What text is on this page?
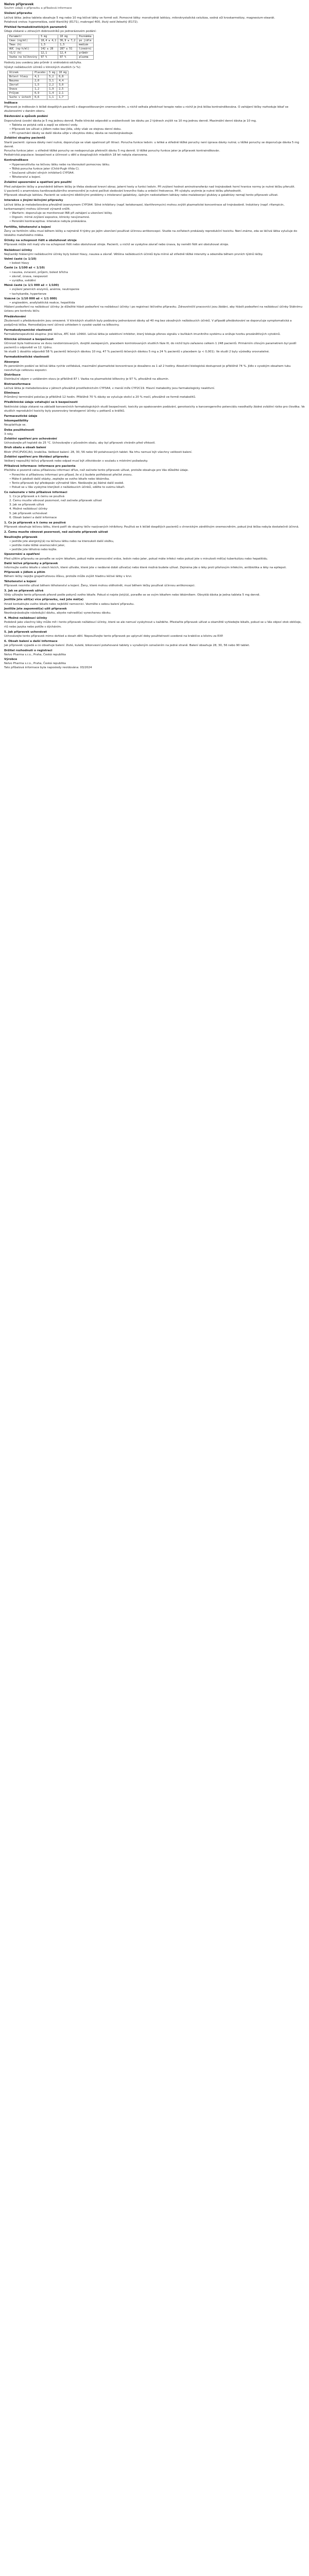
Nelvo přípravek
Souhrn údajů o přípravku a příbalová informace
Složení přípravku
Léčivá látka: jedna tableta obsahuje 5 mg nebo 10 mg léčivé látky ve formě soli. Pomocné látky: monohydrát laktózy, mikrokrystalická celulóza, sodná sůl kroskarmelózy, magnesium-stearát.
Potahová vrstva: hypromelóza, oxid titaničitý (E171), makrogol 400, žlutý oxid železitý (E172).
Přehled farmakokinetických parametrů
Údaje získané u zdravých dobrovolníků po jednorázovém podání:
Parametr	5 mg	10 mg	Poznámka
Cmax (ng/ml)	18,4 ± 4,1	36,9 ± 7,2	po jídle
Tmax (h)	1,5	1,5	medián
AUC (ng·h/ml)	142 ± 28	287 ± 51	lineární
t1/2 (h)	12,1	12,4	průměr
Vazba na bílkoviny	97 %	97 %	plazma
Hodnoty jsou uvedeny jako průměr ± směrodatná odchylka.
Výskyt nežádoucích účinků v klinických studiích (v %):
Účinek	Placebo	5 mg	10 mg
Bolest hlavy	4,1	5,2	6,8
Nauzea	2,0	3,1	4,4
Závrať	1,5	2,2	3,0
Únava	1,2	1,9	2,5
Průjem	0,9	1,4	2,1
Sucho v ústech	0,6	1,1	1,7
Indikace
Přípravek je indikován k léčbě dospělých pacientů s diagnostikovaným onemocněním, u nichž selhala předchozí terapie nebo u nichž je jiná léčba kontraindikována. O zahájení léčby rozhoduje lékař se zkušenostmi v daném oboru.
Dávkování a způsob podání
Doporučená úvodní dávka je 5 mg jednou denně. Podle klinické odpovědi a snášenlivosti lze dávku po 2 týdnech zvýšit na 10 mg jednou denně. Maximální denní dávka je 10 mg.
• Tableta se polyká celá a zapíjí se sklenicí vody.
• Přípravek lze užívat s jídlem nebo bez jídla, vždy však ve stejnou denní dobu.
• Při vynechání dávky se další dávka užije v obvyklou dobu; dávka se nezdvojnásobuje.
Zvláštní skupiny pacientů
Starší pacienti: úprava dávky není nutná, doporučuje se však opatrnost při titraci. Porucha funkce ledvin: u lehké a středně těžké poruchy není úprava dávky nutná; u těžké poruchy se doporučuje dávka 5 mg denně.
Porucha funkce jater: u středně těžké poruchy se nedoporučuje překročit dávku 5 mg denně. U těžké poruchy funkce jater je přípravek kontraindikován.
Pediatrická populace: bezpečnost a účinnost u dětí a dospívajících mladších 18 let nebyla stanovena.
Kontraindikace
• Hypersenzitivita na léčivou látku nebo na kteroukoli pomocnou látku.
• Těžká porucha funkce jater (Child-Pugh třída C).
• Současné užívání silných inhibitorů CYP3A4.
• Těhotenství a kojení.
Zvláštní upozornění a opatření pro použití
Před zahájením léčby a pravidelně během léčby je třeba sledovat krevní obraz, jaterní testy a funkci ledvin. Při zvýšení hodnot aminotransferáz nad trojnásobek horní hranice normy je nutné léčbu přerušit.
U pacientů s anamnézou kardiovaskulárního onemocnění je nutné pečlivé sledování krevního tlaku a srdeční frekvence. Při výskytu arytmie je nutné léčbu přehodnotit.
Přípravek obsahuje laktózu. Pacienti se vzácnými dědičnými problémy s intolerancí galaktózy, úplným nedostatkem laktázy nebo malabsorpcí glukózy a galaktózy nemají tento přípravek užívat.
Interakce s jinými léčivými přípravky
Léčivá látka je metabolizována převážně izoenzymem CYP3A4. Silné inhibitory (např. ketokonazol, klarithromycin) mohou zvýšit plazmatické koncentrace až trojnásobně. Induktory (např. rifampicin, karbamazepin) mohou účinnost výrazně snížit.
• Warfarin: doporučuje se monitorovat INR při zahájení a ukončení léčby.
• Digoxin: mírné zvýšení expozice, klinicky nevýznamné.
• Perorální kontraceptiva: interakce nebyla prokázána.
Fertilita, těhotenství a kojení
Ženy ve fertilním věku musí během léčby a nejméně 4 týdny po jejím ukončení používat účinnou antikoncepci. Studie na zvířatech prokázaly reprodukční toxicitu. Není známo, zda se léčivá látka vylučuje do lidského mateřského mléka.
Účinky na schopnost řídit a obsluhovat stroje
Přípravek může mít malý vliv na schopnost řídit nebo obsluhovat stroje. Pacienti, u nichž se vyskytne závrať nebo únava, by neměli řídit ani obsluhovat stroje.
Nežádoucí účinky
Nejčastěji hlášenými nežádoucími účinky byly bolest hlavy, nauzea a závrať. Většina nežádoucích účinků byla mírné až středně těžké intenzity a odezněla během prvních týdnů léčby.
Velmi časté (≥ 1/10)
• bolest hlavy
Časté (≥ 1/100 až < 1/10)
• nauzea, zvracení, průjem, bolest břicha
• závrať, únava, nespavost
• vyrážka, svědění
Méně časté (≥ 1/1 000 až < 1/100)
• zvýšení jaterních enzymů, anémie, neutropenie
• tachykardie, hypertenze
Vzácné (≥ 1/10 000 až < 1/1 000)
• angioedém, anafylaktická reakce, hepatitida
Hlášení podezření na nežádoucí účinky: Je důležité hlásit podezření na nežádoucí účinky i po registraci léčivého přípravku. Zdravotničtí pracovníci jsou žádáni, aby hlásili podezření na nežádoucí účinky Státnímu ústavu pro kontrolu léčiv.
Předávkování
Zkušenosti s předávkováním jsou omezené. V klinických studiích byly podávány jednorázové dávky až 40 mg bez závažných nežádoucích účinků. V případě předávkování se doporučuje symptomatická a podpůrná léčba. Hemodialýza není účinná vzhledem k vysoké vazbě na bílkoviny.
Farmakodynamické vlastnosti
Farmakoterapeutická skupina: jiná léčiva, ATC kód: L04AX. Léčivá látka je selektivní inhibitor, který blokuje přenos signálu v buňkách imunitního systému a snižuje tvorbu prozánětlivých cytokinů.
Klinická účinnost a bezpečnost
Účinnost byla hodnocena ve dvou randomizovaných, dvojitě zaslepených, placebem kontrolovaných studiích fáze III, do nichž bylo zařazeno celkem 1 248 pacientů. Primárním cílovým parametrem byl podíl pacientů s odpovědí ve 12. týdnu.
Ve studii 1 dosáhlo odpovědi 58 % pacientů léčených dávkou 10 mg, 47 % pacientů léčených dávkou 5 mg a 24 % pacientů s placebem (p < 0,001). Ve studii 2 byly výsledky srovnatelné.
Farmakokinetické vlastnosti
Absorpce
Po perorálním podání se léčivá látka rychle vstřebává, maximální plazmatické koncentrace je dosaženo za 1 až 2 hodiny. Absolutní biologická dostupnost je přibližně 74 %. Jídlo s vysokým obsahem tuku neovlivňuje celkovou expozici.
Distribuce
Distribuční objem v ustáleném stavu je přibližně 87 l. Vazba na plazmatické bílkoviny je 97 %, převážně na albumin.
Biotransformace
Léčivá látka je metabolizována v játrech převážně prostřednictvím CYP3A4, v menší míře CYP2C19. Hlavní metabolity jsou farmakologicky neaktivní.
Eliminace
Průměrný terminální poločas je přibližně 12 hodin. Přibližně 70 % dávky se vylučuje stolicí a 20 % močí, převážně ve formě metabolitů.
Předklinické údaje vztahující se k bezpečnosti
Neklinické údaje získané na základě konvenčních farmakologických studií bezpečnosti, toxicity po opakovaném podávání, genotoxicity a kancerogenního potenciálu neodhalily žádné zvláštní riziko pro člověka. Ve studiích reprodukční toxicity byly pozorovány teratogenní účinky u potkanů a králíků.
Farmaceutické údaje
Inkompatibility
Neuplatňuje se.
Doba použitelnosti
3 roky.
Zvláštní opatření pro uchovávání
Uchovávejte při teplotě do 25 °C. Uchovávejte v původním obalu, aby byl přípravek chráněn před vlhkostí.
Druh obalu a obsah balení
Blistr (PVC/PVDC/Al), krabička. Velikost balení: 28, 30, 56 nebo 90 potahovaných tablet. Na trhu nemusí být všechny velikosti balení.
Zvláštní opatření pro likvidaci přípravku
Veškerý nepoužitý léčivý přípravek nebo odpad musí být zlikvidován v souladu s místními požadavky.
Příbalová informace: informace pro pacienta
Přečtěte si pozorně celou příbalovou informaci dříve, než začnete tento přípravek užívat, protože obsahuje pro Vás důležité údaje.
• Ponechte si příbalovou informaci pro případ, že si ji budete potřebovat přečíst znovu.
• Máte-li jakékoli další otázky, zeptejte se svého lékaře nebo lékárníka.
• Tento přípravek byl předepsán výhradně Vám. Nedávejte jej žádné další osobě.
• Pokud se u Vás vyskytne kterýkoli z nežádoucích účinků, sdělte to svému lékaři.
Co naleznete v této příbalové informaci
1. Co je přípravek a k čemu se používá
2. Čemu musíte věnovat pozornost, než začnete přípravek užívat
3. Jak se přípravek užívá
4. Možné nežádoucí účinky
5. Jak přípravek uchovávat
6. Obsah balení a další informace
1. Co je přípravek a k čemu se používá
Přípravek obsahuje léčivou látku, která patří do skupiny léčiv nazývaných inhibitory. Používá se k léčbě dospělých pacientů s chronickým zánětlivým onemocněním, pokud jiná léčba nebyla dostatečně účinná.
2. Čemu musíte věnovat pozornost, než začnete přípravek užívat
Neužívejte přípravek
• jestliže jste alergický(á) na léčivou látku nebo na kteroukoli další složku,
• jestliže máte těžké onemocnění jater,
• jestliže jste těhotná nebo kojíte.
Upozornění a opatření
Před užitím přípravku se poraďte se svým lékařem, pokud máte onemocnění srdce, ledvin nebo jater, pokud máte infekci nebo pokud jste v minulosti měl(a) tuberkulózu nebo hepatitidu.
Další léčivé přípravky a přípravek
Informujte svého lékaře o všech lécích, které užíváte, které jste v nedávné době užíval(a) nebo které možná budete užívat. Zejména jde o léky proti plísňovým infekcím, antibiotika a léky na epilepsii.
Přípravek s jídlem a pitím
Během léčby nepijte grapefruitovou šťávu, protože může zvýšit hladinu léčivé látky v krvi.
Těhotenství a kojení
Přípravek nesmíte užívat během těhotenství a kojení. Ženy, které mohou otěhotnět, musí během léčby používat účinnou antikoncepci.
3. Jak se přípravek užívá
Vždy užívejte tento přípravek přesně podle pokynů svého lékaře. Pokud si nejste jistý(á), poraďte se se svým lékařem nebo lékárníkem. Obvyklá dávka je jedna tableta 5 mg denně.
Jestliže jste užil(a) více přípravku, než jste měl(a)
Ihned kontaktujte svého lékaře nebo nejbližší nemocnici. Vezměte s sebou balení přípravku.
Jestliže jste zapomněl(a) užít přípravek
Nezdvojnásobujte následující dávku, abyste nahradil(a) vynechanou dávku.
4. Možné nežádoucí účinky
Podobně jako všechny léky může mít i tento přípravek nežádoucí účinky, které se ale nemusí vyskytnout u každého. Přestaňte přípravek užívat a okamžitě vyhledejte lékaře, pokud se u Vás objeví otok obličeje, rtů nebo jazyka nebo potíže s dýcháním.
5. Jak přípravek uchovávat
Uchovávejte tento přípravek mimo dohled a dosah dětí. Nepoužívejte tento přípravek po uplynutí doby použitelnosti uvedené na krabičce a blistru za EXP.
6. Obsah balení a další informace
Jak přípravek vypadá a co obsahuje balení: žluté, kulaté, bikonvexní potahované tablety s vyraženým označením na jedné straně. Balení obsahuje 28, 30, 56 nebo 90 tablet.
Držitel rozhodnutí o registraci
Nelvo Pharma s.r.o., Praha, Česká republika
Výrobce
Nelvo Pharma s.r.o., Praha, Česká republika
Tato příbalová informace byla naposledy revidována: 03/2024
